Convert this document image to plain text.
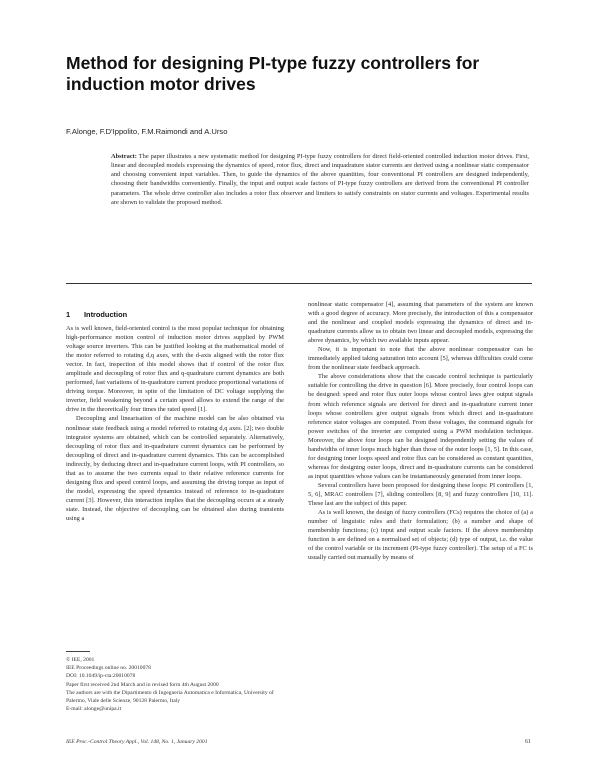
Method for designing PI-type fuzzy controllers for induction motor drives
F.Alonge, F.D'Ippolito, F.M.Raimondi and A.Urso
Abstract: The paper illustrates a new systematic method for designing PI-type fuzzy controllers for direct field-oriented controlled induction motor drives. First, linear and decoupled models expressing the dynamics of speed, rotor flux, direct and inquadrature stator currents are derived using a nonlinear static compensator and choosing convenient input variables. Then, to guide the dynamics of the above quantities, four conventional PI controllers are designed independently, choosing their bandwidths conveniently. Finally, the input and output scale factors of PI-type fuzzy controllers are derived from the conventional PI controller parameters. The whole drive controller also includes a rotor flux observer and limiters to satisfy constraints on stator currents and voltages. Experimental results are shown to validate the proposed method.
1 Introduction

As is well known, field-oriented control is the most popular technique for obtaining high-performance motion control of induction motor drives supplied by PWM voltage source inverters. This can be justified looking at the mathematical model of the motor referred to rotating d,q axes, with the d-axis aligned with the rotor flux vector. In fact, inspection of this model shows that if control of the rotor flux amplitude and decoupling of rotor flux and q-quadrature current dynamics are both performed, fast variations of in-quadrature current produce proportional variations of driving torque. Moreover, in spite of the limitation of DC voltage supplying the inverter, field weakening beyond a certain speed allows to extend the range of the drive in the theoretically four times the rated speed [1].

Decoupling and linearisation of the machine model can be also obtained via nonlinear state feedback using a model referred to rotating d,q axes. [2]; two double integrator systems are obtained, which can be controlled separately. Alternatively, decoupling of rotor flux and in-quadrature current dynamics can be performed by decoupling of direct and in-quadrature current dynamics. This can be accomplished indirectly, by deducing direct and in-quadrature current loops, with PI controllers, so that as to assume the two currents equal to their relative reference currents for designing flux and speed control loops, and assuming the driving torque as input of the model, expressing the speed dynamics instead of reference to in-quadrature current [3]. However, this interaction implies that the decoupling occurs at a steady state. Instead, the objective of decoupling can be obtained also during transients using a

nonlinear static compensator [4], assuming that parameters of the system are known with a good degree of accuracy. More precisely, the introduction of this a compensator and the nonlinear and coupled models expressing the dynamics of direct and in-quadrature currents allow us to obtain two linear and decoupled models, expressing the above dynamics, by which two available inputs appear.

Now, it is important to note that the above nonlinear compensator can be immediately applied taking saturation into account [5], whereas difficulties could come from the nonlinear state feedback approach.

The above considerations show that the cascade control technique is particularly suitable for controlling the drive in question [6]. More precisely, four control loops can be designed: speed and rotor flux outer loops whose control laws give output signals from which reference signals are derived for direct and in-quadrature current inner loops whose controllers give output signals from which direct and in-quadrature reference stator voltages are computed. From these voltages, the command signals for power switches of the inverter are computed using a PWM modulation technique. Moreover, the above four loops can be designed independently setting the values of bandwidths of inner loops much higher than those of the outer loops [1, 5]. In this case, for designing inner loops speed and rotor flux can be considered as constant quantities, whereas for designing outer loops, direct and in-quadrature currents can be considered as input quantities whose values can be instantaneously generated from inner loops.

Several controllers have been proposed for designing these loops: PI controllers [1, 5, 6], MRAC controllers [7], sliding controllers [8, 9] and fuzzy controllers [10, 11]. These last are the subject of this paper.

As is well known, the design of fuzzy controllers (FCs) requires the choice of (a) a number of linguistic rules and their formulation; (b) a number and shape of membership functions; (c) input and output scale factors. If the above membership function is are defined on a normalised set of objects; (d) type of output, i.e. the value of the control variable or its increment (PI-type fuzzy controller). The setup of a FC is usually carried out manually by means of

© IEE, 2001
IEE Proceedings online no. 20010078
DOI: 10.1049/ip-cta:20010078
Paper first received 2nd March and in revised form 4th August 2000
The authors are with the Dipartimento di Ingegneria Automatica e Informatica, University of Palermo, Viale delle Scienze, 90128 Palermo, Italy
E-mail: alonge@unipa.it
IEE Proc.-Control Theory Appl., Vol. 148, No. 1, January 2001	61
